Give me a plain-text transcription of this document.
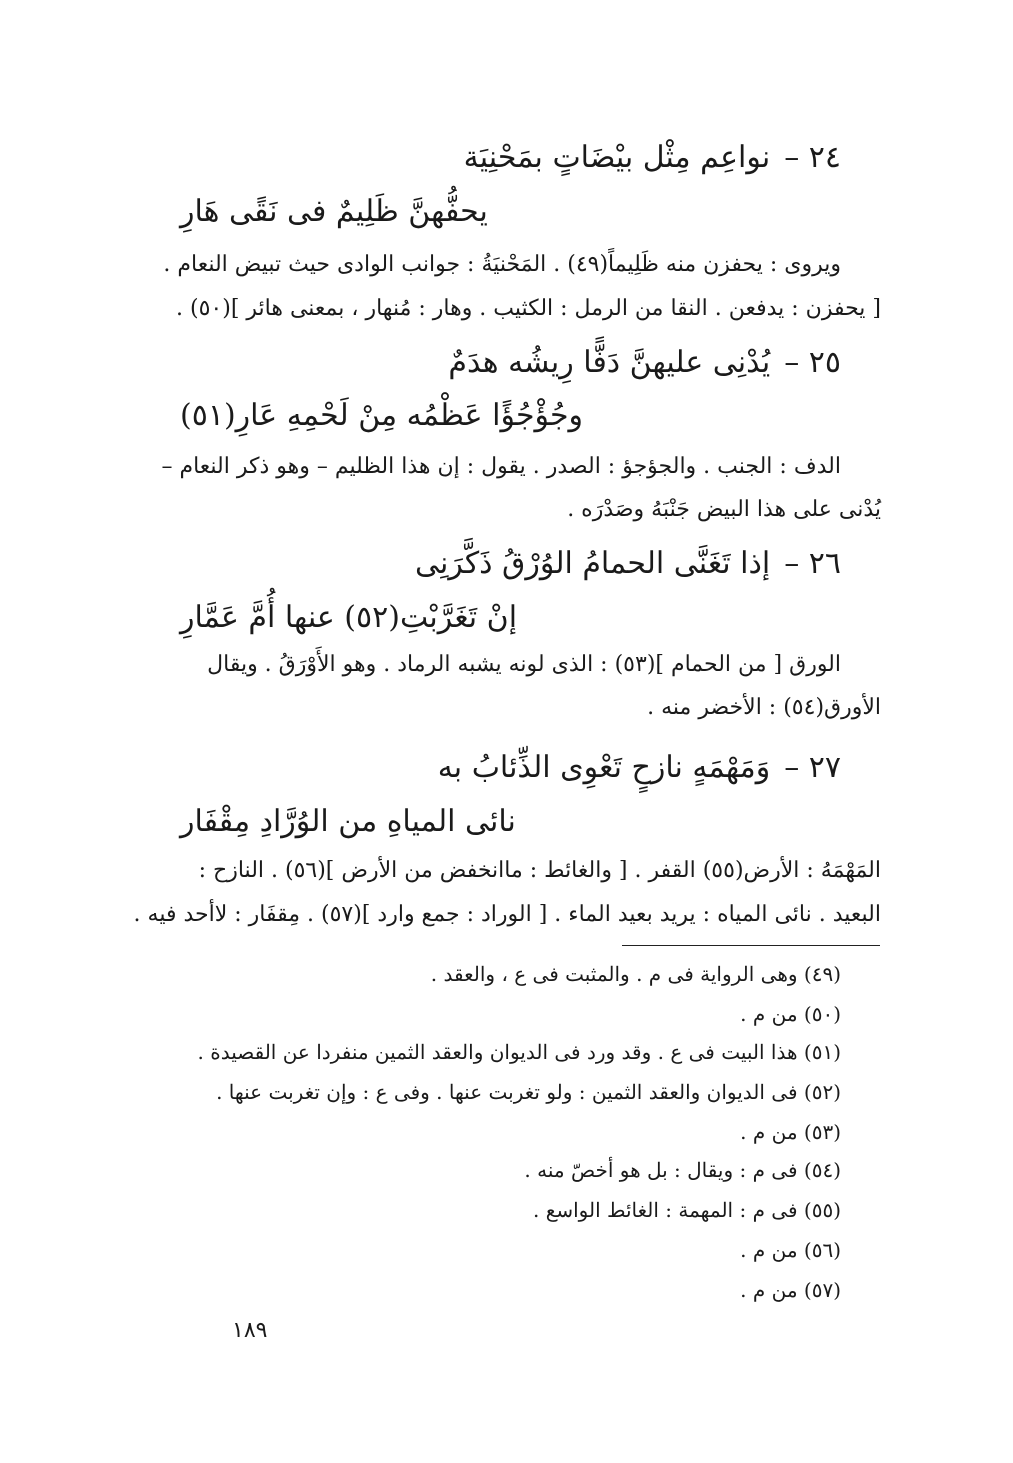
٢٤ –نواعِم مِثْل بيْضَاتٍ بمَحْنِيَة
يحفُّهنَّ ظَلِيمٌ فى نَقًى هَارِ
ويروى : يحفزن منه ظَلِيماً(٤٩) . المَحْنيَةُ : جوانب الوادى حيث تبيض النعام .
[ يحفزن : يدفعن . النقا من الرمل : الكثيب . وهار : مُنهار ، بمعنى هائر ](٥٠) .
٢٥ –يُدْنِى عليهنَّ دَفًّا رِيشُه هدَمٌ
وجُؤْجُؤًا عَظْمُه مِنْ لَحْمِهِ عَارِ(٥١)
الدف : الجنب . والجؤجؤ : الصدر . يقول : إن هذا الظليم – وهو ذكر النعام –
يُدْنى على هذا البيض جَنْبَهُ وصَدْرَه .
٢٦ –إذا تَغَنَّى الحمامُ الوُرْقُ ذَكَّرَنِى
إنْ تَغَرَّبْتِ(٥٢) عنها أُمَّ عَمَّارِ
الورق [ من الحمام ](٥٣) : الذى لونه يشبه الرماد . وهو الأَوْرَقُ . ويقال
الأورق(٥٤) : الأخضر منه .
٢٧ –وَمَهْمَهٍ نازحٍ تَعْوِى الذِّئابُ به
نائى المياهِ من الوُرَّادِ مِقْفَار
المَهْمَهُ : الأرض(٥٥) القفر . [ والغائط : ماانخفض من الأرض ](٥٦) . النازح :
البعيد . نائى المياه : يريد بعيد الماء . [ الوراد : جمع وارد ](٥٧) . مِقفَار : لاأحد فيه .
(٤٩) وهى الرواية فى م . والمثبت فى ع ، والعقد .
(٥٠) من م .
(٥١) هذا البيت فى ع . وقد ورد فى الديوان والعقد الثمين منفردا عن القصيدة .
(٥٢) فى الديوان والعقد الثمين : ولو تغربت عنها . وفى ع : وإن تغربت عنها .
(٥٣) من م .
(٥٤) فى م : ويقال : بل هو أخصّ منه .
(٥٥) فى م : المهمة : الغائط الواسع .
(٥٦) من م .
(٥٧) من م .
١٨٩
